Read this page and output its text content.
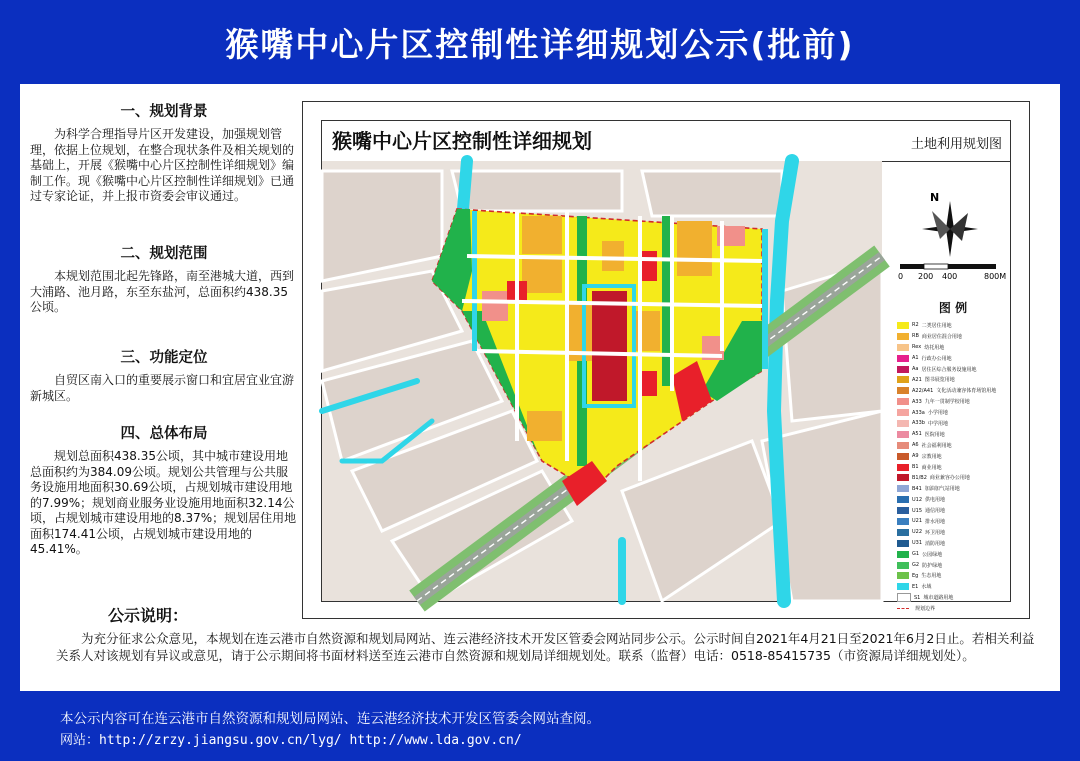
猴嘴中心片区控制性详细规划公示(批前)

一、规划背景

为科学合理指导片区开发建设，加强规划管理，依据上位规划，在整合现状条件及相关规划的基础上，开展《猴嘴中心片区控制性详细规划》编制工作。现《猴嘴中心片区控制性详细规划》已通过专家论证，并上报市资委会审议通过。

二、规划范围

本规划范围北起先锋路，南至港城大道，西到大浦路、池月路，东至东盐河，总面积约438.35公顷。

三、功能定位

自贸区南入口的重要展示窗口和宜居宜业宜游新城区。

四、总体布局

规划总面积438.35公顷，其中城市建设用地总面积约为384.09公顷。规划公共管理与公共服务设施用地面积30.69公顷，占规划城市建设用地的7.99%；规划商业服务业设施用地面积32.14公顷，占规划城市建设用地的8.37%；规划居住用地面积174.41公顷，占规划城市建设用地的45.41%。

猴嘴中心片区控制性详细规划	土地利用规划图
N
0 200 400	800M
图 例
R2 二类居住用地
RB 商业居住混合用地
Rex 幼托用地
A1 行政办公用地
Aa 居住区综合服务设施用地
A21 图书展览用地
A22/A41 文化活动兼容体育场馆用地
A33 九年一贯制学校用地
A33a 小学用地
A33b 中学用地
A51 医院用地
A6 社会福利用地
A9 宗教用地
B1 商业用地
B1/B2 商业兼容办公用地
B41 加油加气站用地
U12 供电用地
U15 通信用地
U21 排水用地
U22 环卫用地
U31 消防用地
G1 公园绿地
G2 防护绿地
Eg 生态用地
E1 水域
S1 城市道路用地
规划边界
公示说明：
为充分征求公众意见，本规划在连云港市自然资源和规划局网站、连云港经济技术开发区管委会网站同步公示。公示时间自2021年4月21日至2021年6月2日止。若相关利益关系人对该规划有异议或意见，请于公示期间将书面材料送至连云港市自然资源和规划局详细规划处。联系（监督）电话：0518-85415735（市资源局详细规划处）。
本公示内容可在连云港市自然资源和规划局网站、连云港经济技术开发区管委会网站查阅。
网站：http://zrzy.jiangsu.gov.cn/lyg/ http://www.lda.gov.cn/
